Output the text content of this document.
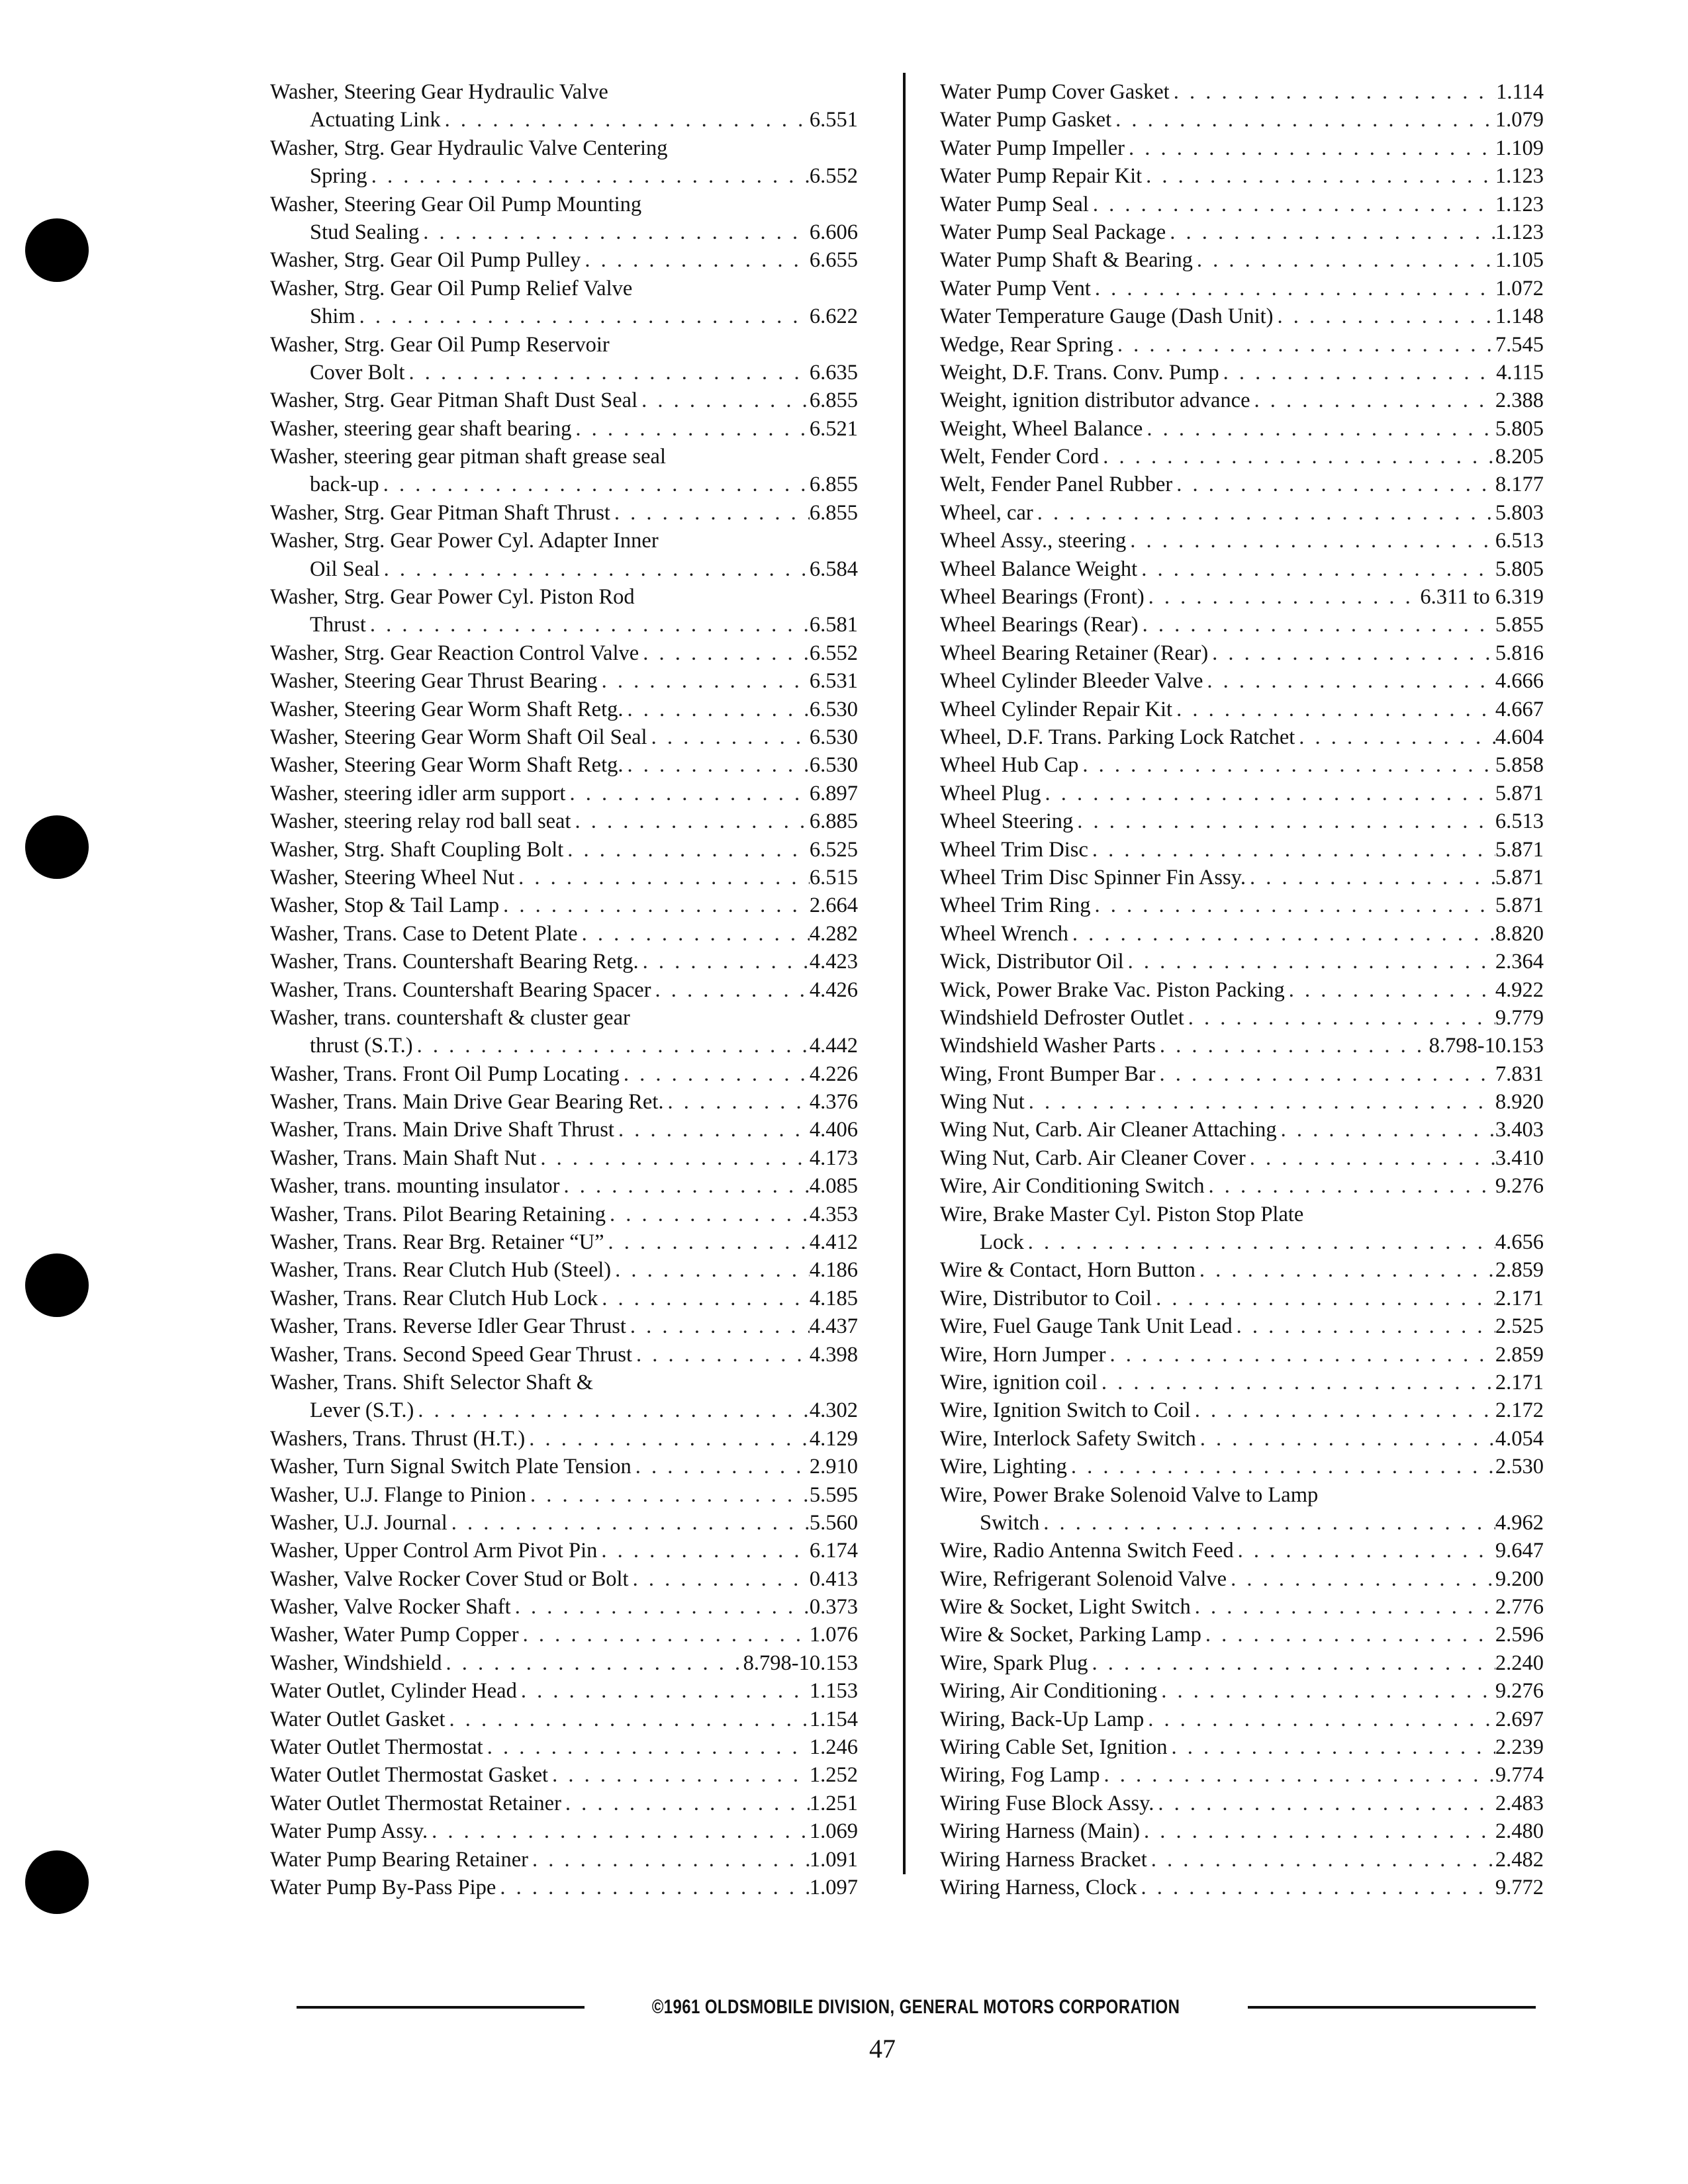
Washer, Steering Gear Hydraulic Valve
Actuating Link . . .	6.551
Washer, Strg. Gear Hydraulic Valve Centering
Spring . . .	6.552
Washer, Steering Gear Oil Pump Mounting
Stud Sealing . . .	6.606
Washer, Strg. Gear Oil Pump Pulley . . .	6.655
Washer, Strg. Gear Oil Pump Relief Valve
Shim . . .	6.622
Washer, Strg. Gear Oil Pump Reservoir
Cover Bolt . . .	6.635
Washer, Strg. Gear Pitman Shaft Dust Seal . . .	6.855
Washer, steering gear shaft bearing . . .	6.521
Washer, steering gear pitman shaft grease seal
back-up . . .	6.855
Washer, Strg. Gear Pitman Shaft Thrust . . .	6.855
Washer, Strg. Gear Power Cyl. Adapter Inner
Oil Seal . . .	6.584
Washer, Strg. Gear Power Cyl. Piston Rod
Thrust . . .	6.581
Washer, Strg. Gear Reaction Control Valve . . .	6.552
Washer, Steering Gear Thrust Bearing . . .	6.531
Washer, Steering Gear Worm Shaft Retg. . . .	6.530
Washer, Steering Gear Worm Shaft Oil Seal . . .	6.530
Washer, Steering Gear Worm Shaft Retg. . . .	6.530
Washer, steering idler arm support . . .	6.897
Washer, steering relay rod ball seat . . .	6.885
Washer, Strg. Shaft Coupling Bolt . . .	6.525
Washer, Steering Wheel Nut . . .	6.515
Washer, Stop & Tail Lamp . . .	2.664
Washer, Trans. Case to Detent Plate . . .	4.282
Washer, Trans. Countershaft Bearing Retg. . . .	4.423
Washer, Trans. Countershaft Bearing Spacer . . .	4.426
Washer, trans. countershaft & cluster gear
thrust (S.T.) . . .	4.442
Washer, Trans. Front Oil Pump Locating . . .	4.226
Washer, Trans. Main Drive Gear Bearing Ret. . . .	4.376
Washer, Trans. Main Drive Shaft Thrust . . .	4.406
Washer, Trans. Main Shaft Nut . . .	4.173
Washer, trans. mounting insulator . . .	4.085
Washer, Trans. Pilot Bearing Retaining . . .	4.353
Washer, Trans. Rear Brg. Retainer “U” . . .	4.412
Washer, Trans. Rear Clutch Hub (Steel) . . .	4.186
Washer, Trans. Rear Clutch Hub Lock . . .	4.185
Washer, Trans. Reverse Idler Gear Thrust . . .	4.437
Washer, Trans. Second Speed Gear Thrust . . .	4.398
Washer, Trans. Shift Selector Shaft &
Lever (S.T.) . . .	4.302
Washers, Trans. Thrust (H.T.) . . .	4.129
Washer, Turn Signal Switch Plate Tension . . .	2.910
Washer, U.J. Flange to Pinion . . .	5.595
Washer, U.J. Journal . . .	5.560
Washer, Upper Control Arm Pivot Pin . . .	6.174
Washer, Valve Rocker Cover Stud or Bolt . . .	0.413
Washer, Valve Rocker Shaft . . .	0.373
Washer, Water Pump Copper . . .	1.076
Washer, Windshield . . .	8.798-10.153
Water Outlet, Cylinder Head . . .	1.153
Water Outlet Gasket . . .	1.154
Water Outlet Thermostat . . .	1.246
Water Outlet Thermostat Gasket . . .	1.252
Water Outlet Thermostat Retainer . . .	1.251
Water Pump Assy. . . .	1.069
Water Pump Bearing Retainer . . .	1.091
Water Pump By-Pass Pipe . . .	1.097
Water Pump Cover Gasket . . .	1.114
Water Pump Gasket . . .	1.079
Water Pump Impeller . . .	1.109
Water Pump Repair Kit . . .	1.123
Water Pump Seal . . .	1.123
Water Pump Seal Package . . .	1.123
Water Pump Shaft & Bearing . . .	1.105
Water Pump Vent . . .	1.072
Water Temperature Gauge (Dash Unit) . . .	1.148
Wedge, Rear Spring . . .	7.545
Weight, D.F. Trans. Conv. Pump . . .	4.115
Weight, ignition distributor advance . . .	2.388
Weight, Wheel Balance . . .	5.805
Welt, Fender Cord . . .	8.205
Welt, Fender Panel Rubber . . .	8.177
Wheel, car . . .	5.803
Wheel Assy., steering . . .	6.513
Wheel Balance Weight . . .	5.805
Wheel Bearings (Front) . . .	6.311 to 6.319
Wheel Bearings (Rear) . . .	5.855
Wheel Bearing Retainer (Rear) . . .	5.816
Wheel Cylinder Bleeder Valve . . .	4.666
Wheel Cylinder Repair Kit . . .	4.667
Wheel, D.F. Trans. Parking Lock Ratchet . . .	4.604
Wheel Hub Cap . . .	5.858
Wheel Plug . . .	5.871
Wheel Steering . . .	6.513
Wheel Trim Disc . . .	5.871
Wheel Trim Disc Spinner Fin Assy. . . .	5.871
Wheel Trim Ring . . .	5.871
Wheel Wrench . . .	8.820
Wick, Distributor Oil . . .	2.364
Wick, Power Brake Vac. Piston Packing . . .	4.922
Windshield Defroster Outlet . . .	9.779
Windshield Washer Parts . . .	8.798-10.153
Wing, Front Bumper Bar . . .	7.831
Wing Nut . . .	8.920
Wing Nut, Carb. Air Cleaner Attaching . . .	3.403
Wing Nut, Carb. Air Cleaner Cover . . .	3.410
Wire, Air Conditioning Switch . . .	9.276
Wire, Brake Master Cyl. Piston Stop Plate
Lock . . .	4.656
Wire & Contact, Horn Button . . .	2.859
Wire, Distributor to Coil . . .	2.171
Wire, Fuel Gauge Tank Unit Lead . . .	2.525
Wire, Horn Jumper . . .	2.859
Wire, ignition coil . . .	2.171
Wire, Ignition Switch to Coil . . .	2.172
Wire, Interlock Safety Switch . . .	4.054
Wire, Lighting . . .	2.530
Wire, Power Brake Solenoid Valve to Lamp
Switch . . .	4.962
Wire, Radio Antenna Switch Feed . . .	9.647
Wire, Refrigerant Solenoid Valve . . .	9.200
Wire & Socket, Light Switch . . .	2.776
Wire & Socket, Parking Lamp . . .	2.596
Wire, Spark Plug . . .	2.240
Wiring, Air Conditioning . . .	9.276
Wiring, Back-Up Lamp . . .	2.697
Wiring Cable Set, Ignition . . .	2.239
Wiring, Fog Lamp . . .	9.774
Wiring Fuse Block Assy. . . .	2.483
Wiring Harness (Main) . . .	2.480
Wiring Harness Bracket . . .	2.482
Wiring Harness, Clock . . .	9.772
©1961 OLDSMOBILE DIVISION, GENERAL MOTORS CORPORATION
47
